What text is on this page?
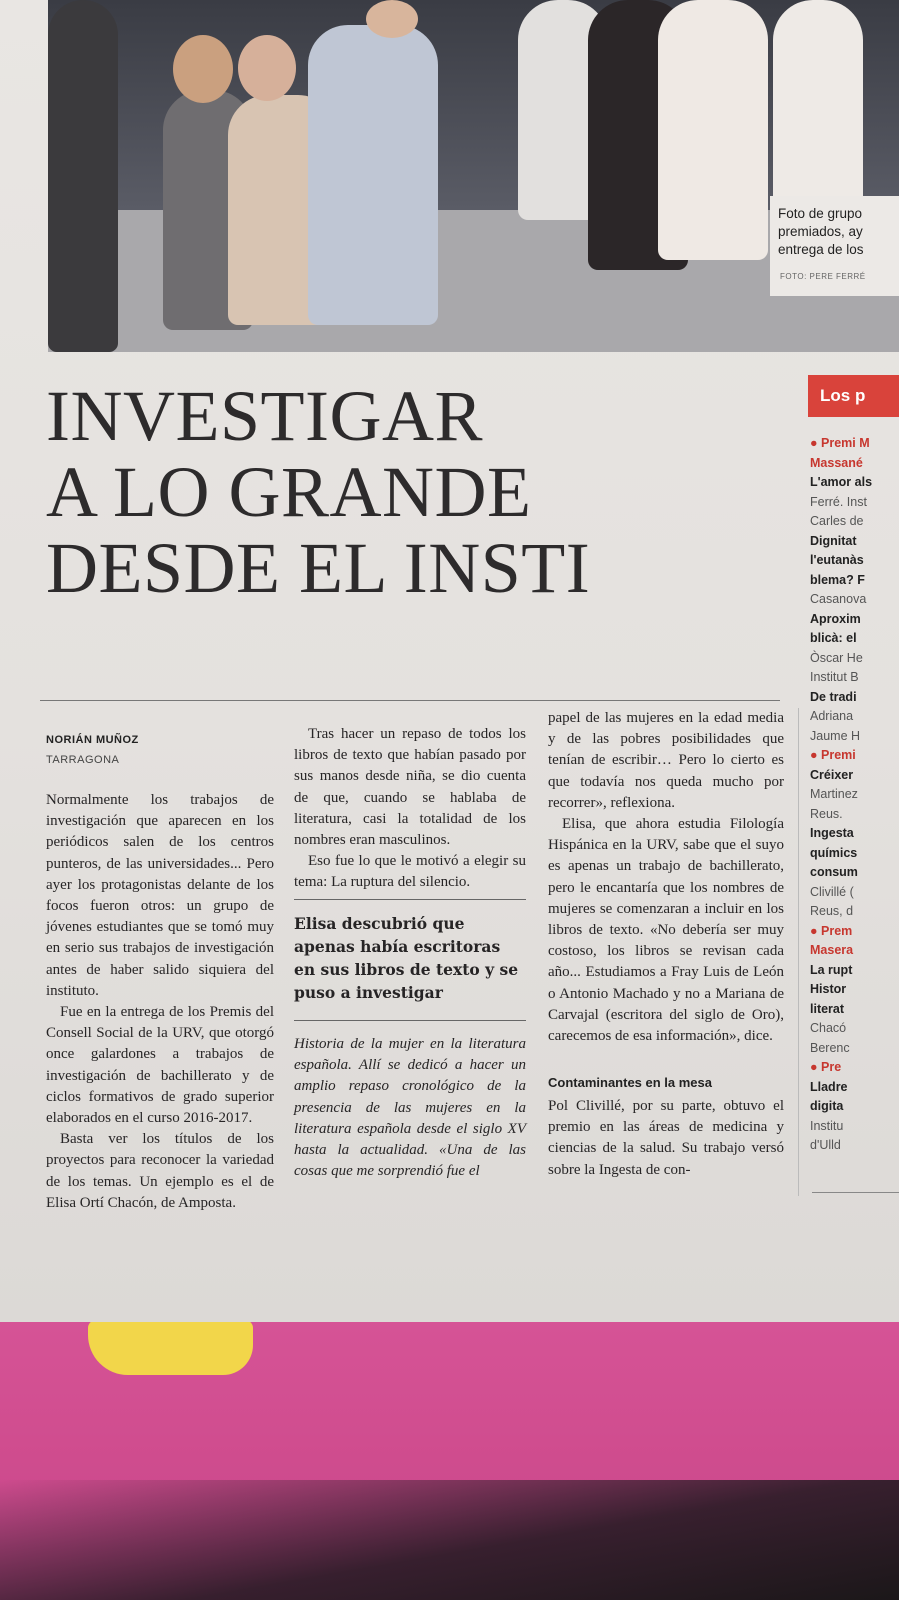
Foto de grupo
premiados, ay
entrega de los
FOTO: PERE FERRÉ
INVESTIGAR
A LO GRANDE
DESDE EL INSTI
NORIÁN MUÑOZ
TARRAGONA

Normalmente los trabajos de investigación que aparecen en los periódicos salen de los centros punteros, de las universidades... Pero ayer los protagonistas delante de los focos fueron otros: un grupo de jóvenes estudiantes que se tomó muy en serio sus trabajos de investigación antes de haber salido siquiera del instituto.

Fue en la entrega de los Premis del Consell Social de la URV, que otorgó once galardones a trabajos de investigación de bachillerato y de ciclos formativos de grado superior elaborados en el curso 2016-2017.

Basta ver los títulos de los proyectos para reconocer la variedad de los temas. Un ejemplo es el de Elisa Ortí Chacón, de Amposta.

Tras hacer un repaso de todos los libros de texto que habían pasado por sus manos desde niña, se dio cuenta de que, cuando se hablaba de literatura, casi la totalidad de los nombres eran masculinos.

Eso fue lo que le motivó a elegir su tema: La ruptura del silencio.

Elisa descubrió que apenas había escritoras en sus libros de texto y se puso a investigar

Historia de la mujer en la literatura española. Allí se dedicó a hacer un amplio repaso cronológico de la presencia de las mujeres en la literatura española desde el siglo XV hasta la actualidad. «Una de las cosas que me sorprendió fue el

papel de las mujeres en la edad media y de las pobres posibilidades que tenían de escribir… Pero lo cierto es que todavía nos queda mucho por recorrer», reflexiona.

Elisa, que ahora estudia Filología Hispánica en la URV, sabe que el suyo es apenas un trabajo de bachillerato, pero le encantaría que los nombres de mujeres se comenzaran a incluir en los libros de texto. «No debería ser muy costoso, los libros se revisan cada año... Estudiamos a Fray Luis de León o Antonio Machado y no a Mariana de Carvajal (escritora del siglo de Oro), carecemos de esa información», dice.

Contaminantes en la mesa

Pol Clivillé, por su parte, obtuvo el premio en las áreas de medicina y ciencias de la salud. Su trabajo versó sobre la Ingesta de con-

Los p
● Premi M
Massané
L'amor als
Ferré. Inst
Carles de
Dignitat
l'eutanàs
blema? F
Casanova
Aproxim
blicà: el
Òscar He
Institut B
De tradi
Adriana
Jaume H
● Premi
Créixer
Martinez
Reus.
Ingesta
químics
consum
Clivillé (
Reus, d
● Prem
Masera
La rupt
Histor
literat
Chacó
Berenc
● Pre
Lladre
digita
Institu
d'Ulld
